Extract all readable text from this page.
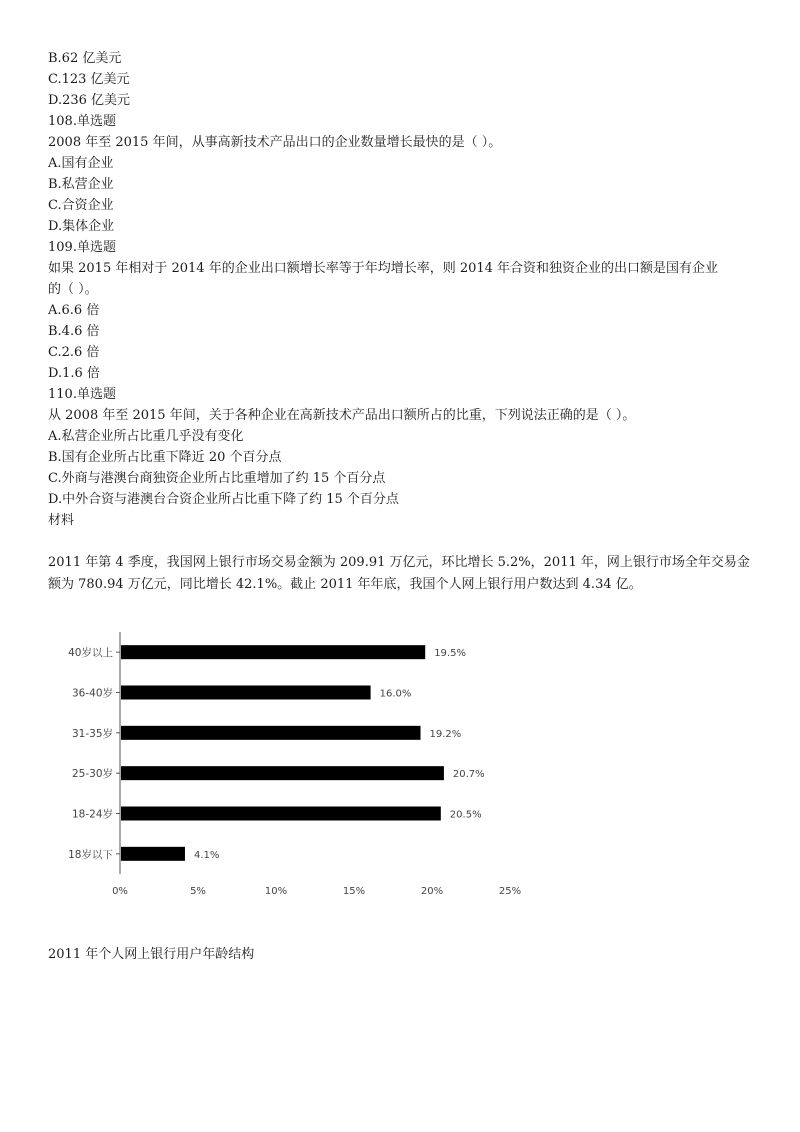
B.62 亿美元
C.123 亿美元
D.236 亿美元
108.单选题
2008 年至 2015 年间，从事高新技术产品出口的企业数量增长最快的是（ ）。
A.国有企业
B.私营企业
C.合资企业
D.集体企业
109.单选题
如果 2015 年相对于 2014 年的企业出口额增长率等于年均增长率，则 2014 年合资和独资企业的出口额是国有企业
的（ ）。
A.6.6 倍
B.4.6 倍
C.2.6 倍
D.1.6 倍
110.单选题
从 2008 年至 2015 年间，关于各种企业在高新技术产品出口额所占的比重，下列说法正确的是（ ）。
A.私营企业所占比重几乎没有变化
B.国有企业所占比重下降近 20 个百分点
C.外商与港澳台商独资企业所占比重增加了约 15 个百分点
D.中外合资与港澳台合资企业所占比重下降了约 15 个百分点
材料
2011 年第 4 季度，我国网上银行市场交易金额为 209.91 万亿元，环比增长 5.2%，2011 年，网上银行市场全年交易金额为 780.94 万亿元，同比增长 42.1%。截止 2011 年年底，我国个人网上银行用户数达到 4.34 亿。
0%	5%	10%	15%	20%	25%
40岁以上
36-40岁
31-35岁
25-30岁
18-24岁
18岁以下
19.5%
16.0%
19.2%
20.7%
20.5%
4.1%
2011 年个人网上银行用户年龄结构
